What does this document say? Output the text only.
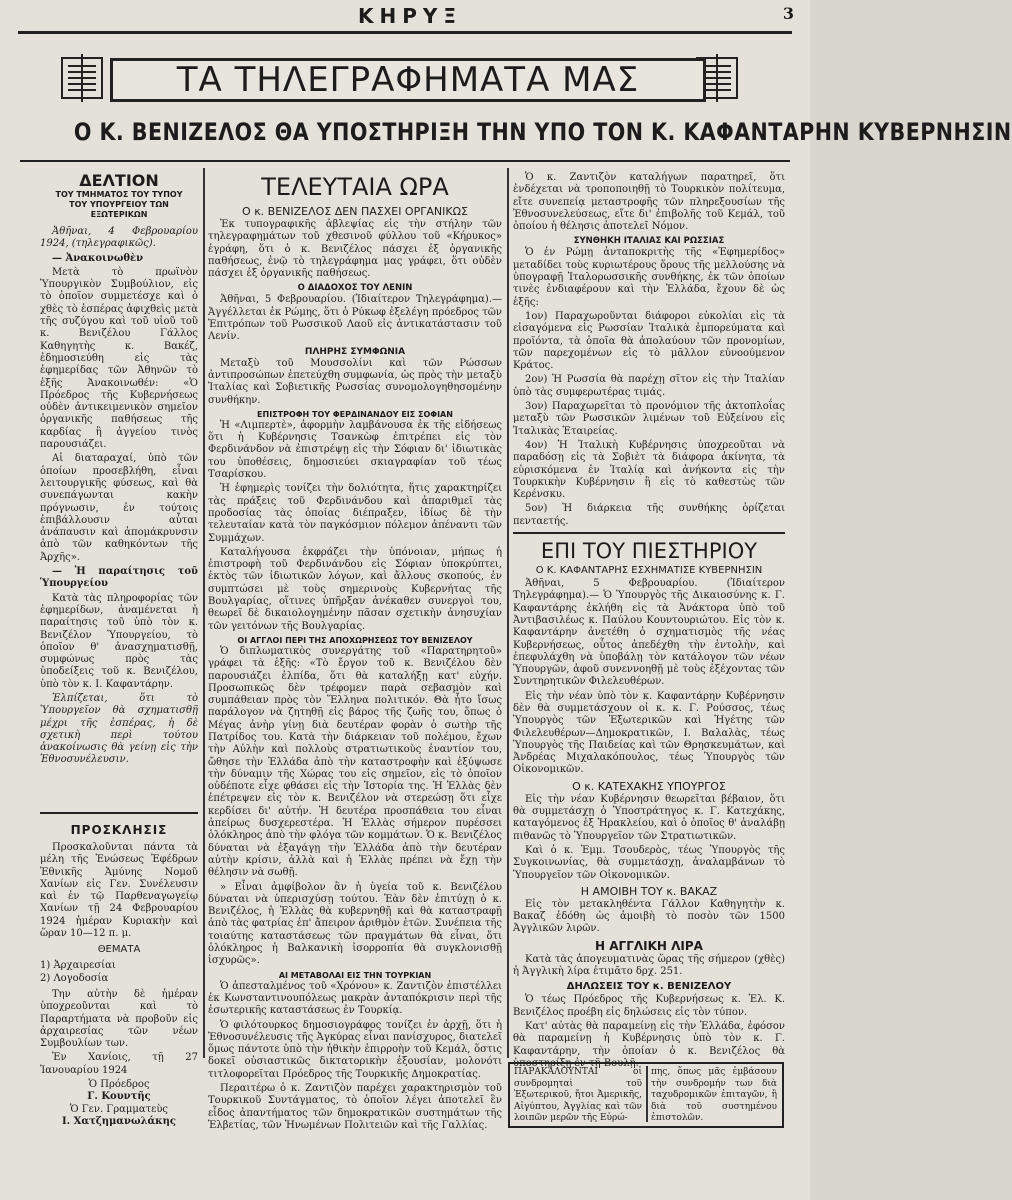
ΚΗΡΥΞ	3
ΤΑ ΤΗΛΕΓΡΑΦΗΜΑΤΑ ΜΑΣ
Ο Κ. ΒΕΝΙΖΕΛΟΣ ΘΑ ΥΠΟΣΤΗΡΙΞΗ ΤΗΝ ΥΠΟ ΤΟΝ Κ. ΚΑΦΑΝΤΑΡΗΝ ΚΥΒΕΡΝΗΣΙΝ
ΔΕΛΤΙΟΝ
ΤΟΥ ΤΜΗΜΑΤΟΣ ΤΟΥ ΤΥΠΟΥ
ΤΟΥ ΥΠΟΥΡΓΕΙΟΥ ΤΩΝ ΕΞΩΤΕΡΙΚΩΝ

Ἀθῆναι, 4 Φεβρουαρίου 1924, (τηλεγραφικῶς).

— Ἀνακοινωθὲν

Μετὰ τὸ πρωϊνὸν Ὑπουργικὸν Συμβούλιον, εἰς τὸ ὁποῖον συμμετέσχε καὶ ὁ χθὲς τὸ ἑσπέρας ἀφιχθεὶς μετὰ τῆς συζύγου καὶ τοῦ υἱοῦ τοῦ κ. Βενιζέλου Γάλλος Καθηγητὴς κ. Βακέζ, ἐδημοσιεύθη εἰς τὰς ἐφημερίδας τῶν Ἀθηνῶν τὸ ἑξῆς Ἀνακοινωθέν: «Ὁ Πρόεδρος τῆς Κυβερνήσεως οὐδὲν ἀντικειμενικὸν σημεῖον ὀργανικῆς παθήσεως τῆς καρδίας ἢ ἀγγείου τινὸς παρουσιάζει.

Αἱ διαταραχαί, ὑπὸ τῶν ὁποίων προσεβλήθη, εἶναι λειτουργικῆς φύσεως, καὶ θὰ συνεπάγωνται κακὴν πρόγνωσιν, ἐν τούτοις ἐπιβάλλουσιν αὗται ἀνάπαυσιν καὶ ἀπομάκρυνσιν ἀπὸ τῶν καθηκόντων τῆς Ἀρχῆς».

— Ἡ παραίτησις τοῦ Ὑπουργείου

Κατὰ τὰς πληροφορίας τῶν ἐφημερίδων, ἀναμένεται ἡ παραίτησις τοῦ ὑπὸ τὸν κ. Βενιζέλον Ὑπουργείου, τὸ ὁποῖον θ' ἀνασχηματισθῇ, συμφώνως πρὸς τὰς ὑποδείξεις τοῦ κ. Βενιζέλου, ὑπὸ τὸν κ. Ι. Καφαντάρην.

Ἐλπίζεται, ὅτι τὸ Ὑπουργεῖον θὰ σχηματισθῇ μέχρι τῆς ἑσπέρας, ἡ δὲ σχετικὴ περὶ τούτου ἀνακοίνωσις θὰ γείνῃ εἰς τὴν Ἐθνοσυνέλευσιν.

ΠΡΟΣΚΛΗΣΙΣ

Προσκαλοῦνται πάντα τὰ μέλη τῆς Ἐνώσεως Ἐφέδρων Ἐθνικῆς Ἀμύνης Νομοῦ Χανίων εἰς Γεν. Συνέλευσιν καὶ ἐν τῷ Παρθεναγωγείῳ Χανίων τῇ 24 Φεβρουαρίου 1924 ἡμέραν Κυριακὴν καὶ ὥραν 10—12 π. μ.

ΘΕΜΑΤΑ
1) Ἀρχαιρεσίαι
2) Λογοδοσία

Την αὐτὴν δὲ ἡμέραν ὑποχρεοῦνται καὶ τὸ Παραρτήματα νὰ προβοῦν εἰς ἀρχαιρεσίας τῶν νέων Συμβουλίων των.

Ἐν Χανίοις, τῇ 27 Ἰανουαρίου 1924

Ὁ Πρόεδρος
Γ. Κουντῆς
Ὁ Γεν. Γραμματεὺς
Ι. Χατζημανωλάκης
ΤΕΛΕΥΤΑΙΑ ΩΡΑ
Ο κ. ΒΕΝΙΖΕΛΟΣ ΔΕΝ ΠΑΣΧΕΙ ΟΡΓΑΝΙΚΩΣ

Ἐκ τυπογραφικῆς ἀβλεψίας εἰς τὴν στήλην τῶν τηλεγραφημάτων τοῦ χθεσινοῦ φύλλου τοῦ «Κήρυκος» ἐγράφη, ὅτι ὁ κ. Βενιζέλος πάσχει ἐξ ὀργανικῆς παθήσεως, ἐνῷ τὸ τηλεγράφημα μας γράφει, ὅτι οὐδὲν πάσχει ἐξ ὀργανικῆς παθήσεως.

Ο ΔΙΑΔΟΧΟΣ ΤΟΥ ΛΕΝΙΝ

Ἀθῆναι, 5 Φεβρουαρίου. (Ἰδιαίτερον Τηλεγράφημα).— Ἀγγέλλεται ἐκ Ρώμης, ὅτι ὁ Ρύκωφ ἐξελέγη πρόεδρος τῶν Ἐπιτρόπων τοῦ Ρωσσικοῦ Λαοῦ εἰς ἀντικατάστασιν τοῦ Λενίν.

ΠΛΗΡΗΣ ΣΥΜΦΩΝΙΑ

Μεταξὺ τοῦ Μουσσολίνι καὶ τῶν Ρώσσων ἀντιπροσώπων ἐπετεύχθη συμφωνία, ὡς πρὸς τὴν μεταξὺ Ἰταλίας καὶ Σοβιετικῆς Ρωσσίας συνομολογηθησομένην συνθήκην.

ΕΠΙΣΤΡΟΦΗ ΤΟΥ ΦΕΡΔΙΝΑΝΔΟΥ ΕΙΣ ΣΟΦΙΑΝ

Ἡ «Λιμπερτὲ», ἀφορμὴν λαμβάνουσα ἐκ τῆς εἰδήσεως ὅτι ἡ Κυβέρνησις Τσανκὼφ ἐπιτρέπει εἰς τὸν Φερδινάνδον νὰ ἐπιστρέψῃ εἰς τὴν Σόφιαν δι' ἰδιωτικὰς του ὑποθέσεις, δημοσιεύει σκιαγραφίαν τοῦ τέως Τσαρίσκου.

Ἡ ἐφημερὶς τονίζει τὴν δολιότητα, ἥτις χαρακτηρίζει τὰς πράξεις τοῦ Φερδινάνδου καὶ ἀπαριθμεῖ τὰς προδοσίας τὰς ὁποίας διέπραξεν, ἰδίως δὲ τὴν τελευταίαν κατὰ τὸν παγκόσμιον πόλεμον ἀπέναντι τῶν Συμμάχων.

Καταλήγουσα ἐκφράζει τὴν ὑπόνοιαν, μήπως ἡ ἐπιστροφὴ τοῦ Φερδινάνδου εἰς Σόφιαν ὑποκρύπτει, ἐκτὸς τῶν ἰδιωτικῶν λόγων, καὶ ἄλλους σκοπούς, ἐν συμπτώσει μὲ τοὺς σημερινοὺς Κυβερνήτας τῆς Βουλγαρίας, οἵτινες ὑπῆρξαν ἀνέκαθεν συνεργοὶ του, θεωρεῖ δὲ δικαιολογημένην πᾶσαν σχετικὴν ἀνησυχίαν τῶν γειτόνων τῆς Βουλγαρίας.

ΟΙ ΑΓΓΛΟΙ ΠΕΡΙ ΤΗΣ ΑΠΟΧΩΡΗΣΕΩΣ ΤΟΥ ΒΕΝΙΖΕΛΟΥ

Ὁ διπλωματικὸς συνεργάτης τοῦ «Παρατηρητοῦ» γράφει τὰ ἑξῆς: «Τὸ ἔργον τοῦ κ. Βενιζέλου δὲν παρουσιάζει ἐλπίδα, ὅτι θὰ καταλήξῃ κατ' εὐχήν. Προσωπικῶς δὲν τρέφομεν παρὰ σεβασμὸν καὶ συμπάθειαν πρὸς τὸν Ἕλληνα πολιτικόν. Θὰ ἦτο ἴσως παράλογον νὰ ζητηθῇ εἰς βάρος τῆς ζωῆς του, ὅπως ὁ Μέγας ἀνὴρ γίνῃ διὰ δευτέραν φορὰν ὁ σωτὴρ τῆς Πατρίδος του. Κατὰ τὴν διάρκειαν τοῦ πολέμου, ἔχων τὴν Αὐλὴν καὶ πολλοὺς στρατιωτικοὺς ἐναντίον του, ὤθησε τὴν Ἑλλάδα ἀπὸ τὴν καταστροφὴν καὶ ἐξύψωσε τὴν δύναμιν τῆς Χώρας του εἰς σημεῖον, εἰς τὸ ὁποῖον οὐδέποτε εἶχε φθάσει εἰς τὴν Ἱστορία της. Ἡ Ἑλλὰς δὲν ἐπέτρεψεν εἰς τὸν κ. Βενιζέλον νὰ στερεώσῃ ὅτι εἶχε κερδίσει δι' αὐτήν. Ἡ δευτέρα προσπάθεια του εἶναι ἀπείρως δυσχερεστέρα. Ἡ Ἑλλὰς σήμερον πυρέσσει ὁλόκληρος ἀπὸ τὴν φλόγα τῶν κομμάτων. Ὁ κ. Βενιζέλος δύναται νὰ ἐξαγάγῃ τὴν Ἑλλάδα ἀπὸ τὴν δευτέραν αὐτὴν κρίσιν, ἀλλὰ καὶ ἡ Ἑλλὰς πρέπει νὰ ἔχῃ τὴν θέλησιν νὰ σωθῇ.

» Εἶναι ἀμφίβολον ἂν ἡ ὑγεία τοῦ κ. Βενιζέλου δύναται νὰ ὑπερισχύσῃ τούτου. Ἐὰν δὲν ἐπιτύχῃ ὁ κ. Βενιζέλος, ἡ Ἑλλὰς θὰ κυβερνηθῇ καὶ θὰ καταστραφῇ ἀπὸ τὰς φατρίας ἐπ' ἄπειρον ἀριθμὸν ἐτῶν. Συνέπεια τῆς τοιαύτης καταστάσεως τῶν πραγμάτων θὰ εἶναι, ὅτι ὁλόκληρος ἡ Βαλκανικὴ ἰσορροπία θὰ συγκλονισθῇ ἰσχυρῶς».

ΑΙ ΜΕΤΑΒΟΛΑΙ ΕΙΣ ΤΗΝ ΤΟΥΡΚΙΑΝ

Ὁ ἀπεσταλμένος τοῦ «Χρόνου» κ. Ζαντιζὸν ἐπιστέλλει ἐκ Κωνσταντινουπόλεως μακρὰν ἀνταπόκρισιν περὶ τῆς ἐσωτερικῆς καταστάσεως ἐν Τουρκίᾳ.

Ὁ φιλότουρκος δημοσιογράφος τονίζει ἐν ἀρχῇ, ὅτι ἡ Ἐθνοσυνέλευσις τῆς Ἀγκύρας εἶναι πανίσχυρος, διατελεῖ ὅμως πάντοτε ὑπὸ τὴν ἠθικὴν ἐπιρροὴν τοῦ Κεμάλ, ὅστις δοκεῖ οὐσιαστικῶς δικτατορικὴν ἐξουσίαν, μολονότι τιτλοφορεῖται Πρόεδρος τῆς Τουρκικῆς Δημοκρατίας.

Περαιτέρω ὁ κ. Ζαντιζὸν παρέχει χαρακτηρισμὸν τοῦ Τουρκικοῦ Συντάγματος, τὸ ὁποῖον λέγει ἀποτελεῖ ἓν εἶδος ἀπαντήματος τῶν δημοκρατικῶν συστημάτων τῆς Ἑλβετίας, τῶν Ἡνωμένων Πολιτειῶν καὶ τῆς Γαλλίας.

Ὁ κ. Ζαντιζὸν καταλήγων παρατηρεῖ, ὅτι ἐνδέχεται νὰ τροποποιηθῇ τὸ Τουρκικὸν πολίτευμα, εἴτε συνεπείᾳ μεταστροφῆς τῶν πληρεξουσίων τῆς Ἐθνοσυνελεύσεως, εἴτε δι' ἐπιβολῆς τοῦ Κεμάλ, τοῦ ὁποίου ἡ θέλησις ἀποτελεῖ Νόμον.

ΣΥΝΘΗΚΗ ΙΤΑΛΙΑΣ ΚΑΙ ΡΩΣΣΙΑΣ

Ὁ ἐν Ρώμῃ ἀνταποκριτὴς τῆς «Ἐφημερίδος» μεταδίδει τοὺς κυριωτέρους ὅρους τῆς μελλούσης νὰ ὑπογραφῇ Ἰταλορωσσικῆς συνθήκης, ἐκ τῶν ὁποίων τινὲς ἐνδιαφέρουν καὶ τὴν Ἑλλάδα, ἔχουν δὲ ὡς ἑξῆς:

1ον) Παραχωροῦνται διάφοροι εὐκολίαι εἰς τὰ εἰσαγόμενα εἰς Ρωσσίαν Ἰταλικὰ ἐμπορεύματα καὶ προϊόντα, τὰ ὁποῖα θὰ ἀπολαύουν τῶν προνομίων, τῶν παρεχομένων εἰς τὸ μᾶλλον εὐνοούμενον Κράτος.

2ον) Ἡ Ρωσσία θὰ παρέχῃ σῖτον εἰς τὴν Ἰταλίαν ὑπὸ τὰς συμφερωτέρας τιμάς.

3ον) Παραχωρεῖται τὸ προνόμιον τῆς ἀκτοπλοΐας μεταξὺ τῶν Ρωσσικῶν λιμένων τοῦ Εὐξείνου εἰς Ἰταλικὰς Ἑταιρείας.

4ον) Ἡ Ἰταλικὴ Κυβέρνησις ὑποχρεοῦται νὰ παραδόσῃ εἰς τὰ Σοβιὲτ τὰ διάφορα ἀκίνητα, τὰ εὑρισκόμενα ἐν Ἰταλίᾳ καὶ ἀνήκοντα εἰς τὴν Τουρκικὴν Κυβέρνησιν ἢ εἰς τὸ καθεστὼς τῶν Κερένσκυ.

5ον) Ἡ διάρκεια τῆς συνθήκης ὁρίζεται πενταετής.

ΕΠΙ ΤΟΥ ΠΙΕΣΤΗΡΙΟΥ
Ο Κ. ΚΑΦΑΝΤΑΡΗΣ ΕΣΧΗΜΑΤΙΣΕ ΚΥΒΕΡΝΗΣΙΝ

Ἀθῆναι, 5 Φεβρουαρίου. (Ἰδιαίτερον Τηλεγράφημα).— Ὁ Ὑπουργὸς τῆς Δικαιοσύνης κ. Γ. Καφαντάρης ἐκλήθη εἰς τὰ Ἀνάκτορα ὑπὸ τοῦ Ἀντιβασιλέως κ. Παύλου Κουντουριώτου. Εἰς τὸν κ. Καφαντάρην ἀνετέθη ὁ σχηματισμὸς τῆς νέας Κυβερνήσεως, οὗτος ἀπεδέχθη τὴν ἐντολὴν, καὶ ἐπεφυλάχθη νὰ ὑποβάλῃ τὸν κατάλογον τῶν νέων Ὑπουργῶν, ἀφοῦ συνεννοηθῇ μὲ τοὺς ἐξέχοντας τῶν Συντηρητικῶν Φιλελευθέρων.

Εἰς τὴν νέαν ὑπὸ τὸν κ. Καφαντάρην Κυβέρνησιν δὲν θὰ συμμετάσχουν οἱ κ. κ. Γ. Ρούσσος, τέως Ὑπουργὸς τῶν Ἐξωτερικῶν καὶ Ἡγέτης τῶν Φιλελευθέρων—Δημοκρατικῶν, Ι. Βαλαλὰς, τέως Ὑπουργὸς τῆς Παιδείας καὶ τῶν Θρησκευμάτων, καὶ Ἀνδρέας Μιχαλακόπουλος, τέως Ὑπουργὸς τῶν Οἰκονομικῶν.

Ο κ. ΚΑΤΕΧΑΚΗΣ ΥΠΟΥΡΓΟΣ

Εἰς τὴν νέαν Κυβέρνησιν θεωρεῖται βέβαιον, ὅτι θὰ συμμετάσχῃ ὁ Ὑποστράτηγος κ. Γ. Κατεχάκης, καταγόμενος ἐξ Ἡρακλείου, καὶ ὁ ὁποῖος θ' ἀναλάβῃ πιθανῶς τὸ Ὑπουργεῖον τῶν Στρατιωτικῶν.

Καὶ ὁ κ. Ἐμμ. Τσουδερὸς, τέως Ὑπουργὸς τῆς Συγκοινωνίας, θὰ συμμετάσχῃ, ἀναλαμβάνων τὸ Ὑπουργεῖον τῶν Οἰκονομικῶν.

Η ΑΜΟΙΒΗ ΤΟΥ κ. ΒΑΚΑΖ

Εἰς τὸν μετακληθέντα Γάλλον Καθηγητὴν κ. Βακαζ ἐδόθη ὡς ἀμοιβὴ τὸ ποσὸν τῶν 1500 Ἀγγλικῶν λιρῶν.

Η ΑΓΓΛΙΚΗ ΛΙΡΑ

Κατὰ τὰς ἀπογευματινὰς ὥρας τῆς σήμερον (χθὲς) ἡ Ἀγγλικὴ λίρα ἐτιμᾶτο δρχ. 251.

ΔΗΛΩΣΕΙΣ ΤΟΥ κ. ΒΕΝΙΖΕΛΟΥ

Ὁ τέως Πρόεδρος τῆς Κυβερνήσεως κ. Ἐλ. Κ. Βενιζέλος προέβη εἰς δηλώσεις εἰς τὸν τύπον.

Κατ' αὐτὰς θὰ παραμείνῃ εἰς τὴν Ἑλλάδα, ἐφόσον θὰ παραμείνῃ ἡ Κυβέρνησις ὑπὸ τὸν κ. Γ. Καφαντάρην, τὴν ὁποίαν ὁ κ. Βενιζέλος θὰ ὑποστηρίξῃ ἐν τῇ Βουλῇ.

ΠΑΡΑΚΑΛΟΥΝΤΑΙ οἱ συνδρομηταὶ τοῦ Ἐξωτερικοῦ, ἤτοι Ἀμερικῆς, Αἰγύπτου, Ἀγγλίας καὶ τῶν λοιπῶν μερῶν τῆς Εὐρώ-
πης, ὅπως μᾶς ἐμβάσουν τὴν συνδρομήν των διὰ ταχυδρομικῶν ἐπιταγῶν, ἢ διὰ τοῦ συστημένου ἐπιστολῶν.
